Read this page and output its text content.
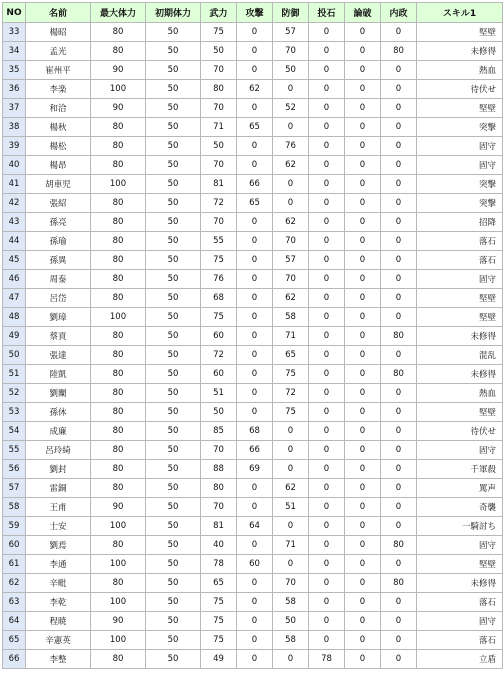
NO	名前	最大体力	初期体力	武力	攻撃	防御	投石	論破	内政	スキル1
33	楊昭	80	50	75	0	57	0	0	0	堅壁
34	孟光	80	50	50	0	70	0	0	80	未修得
35	崔州平	90	50	70	0	50	0	0	0	熱血
36	李楽	100	50	80	62	0	0	0	0	待伏せ
37	和洽	90	50	70	0	52	0	0	0	堅壁
38	楊秋	80	50	71	65	0	0	0	0	突撃
39	楊松	80	50	50	0	76	0	0	0	固守
40	楊昂	80	50	70	0	62	0	0	0	固守
41	胡車児	100	50	81	66	0	0	0	0	突撃
42	張紹	80	50	72	65	0	0	0	0	突撃
43	孫亮	80	50	70	0	62	0	0	0	招降
44	孫瑜	80	50	55	0	70	0	0	0	落石
45	孫異	80	50	75	0	57	0	0	0	落石
46	周泰	80	50	76	0	70	0	0	0	固守
47	呂岱	80	50	68	0	62	0	0	0	堅壁
48	劉璋	100	50	75	0	58	0	0	0	堅壁
49	蔡貢	80	50	60	0	71	0	0	80	未修得
50	張達	80	50	72	0	65	0	0	0	混乱
51	陸凱	80	50	60	0	75	0	0	80	未修得
52	劉闡	80	50	51	0	72	0	0	0	熱血
53	孫休	80	50	50	0	75	0	0	0	堅壁
54	成廉	80	50	85	68	0	0	0	0	待伏せ
55	呂玲綺	80	50	70	66	0	0	0	0	固守
56	劉封	80	50	88	69	0	0	0	0	千軍殺
57	雷銅	80	50	80	0	62	0	0	0	罵声
58	王甫	90	50	70	0	51	0	0	0	奇襲
59	士安	100	50	81	64	0	0	0	0	一騎討ち
60	劉焉	80	50	40	0	71	0	0	80	固守
61	李通	100	50	78	60	0	0	0	0	堅壁
62	辛毗	80	50	65	0	70	0	0	80	未修得
63	李乾	100	50	75	0	58	0	0	0	落石
64	程暁	90	50	75	0	50	0	0	0	固守
65	辛憲英	100	50	75	0	58	0	0	0	落石
66	李整	80	50	49	0	0	78	0	0	立盾
